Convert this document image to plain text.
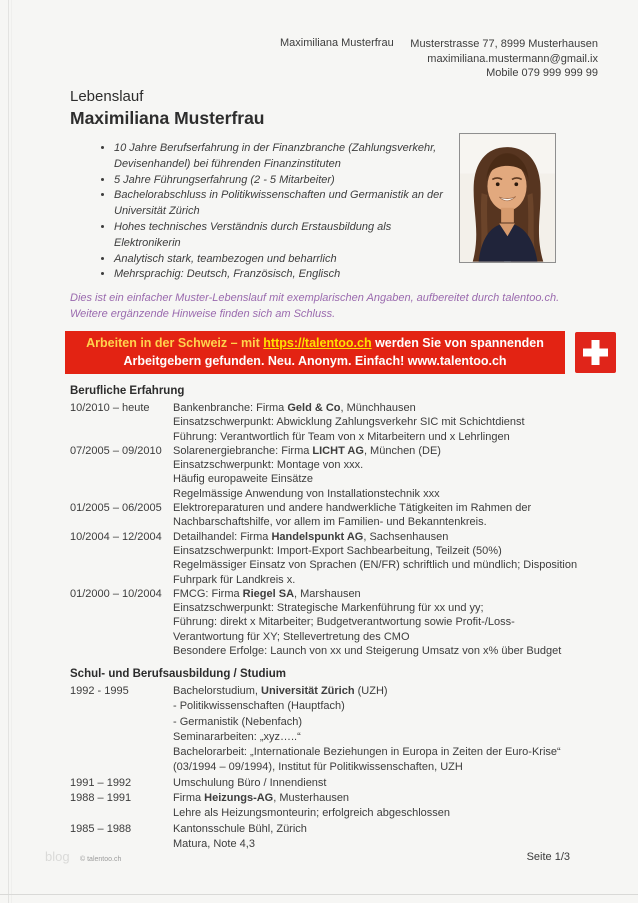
Maximiliana Musterfrau Musterstrasse 77, 8999 Musterhausen
maximiliana.mustermann@gmail.ix
Mobile 079 999 999 99
Lebenslauf
Maximiliana Musterfrau
• 10 Jahre Berufserfahrung in der Finanzbranche (Zahlungsverkehr, Devisenhandel) bei führenden Finanzinstituten
• 5 Jahre Führungserfahrung (2 - 5 Mitarbeiter)
• Bachelorabschluss in Politikwissenschaften und Germanistik an der Universität Zürich
• Hohes technisches Verständnis durch Erstausbildung als Elektronikerin
• Analytisch stark, teambezogen und beharrlich
• Mehrsprachig: Deutsch, Französisch, Englisch
Dies ist ein einfacher Muster-Lebenslauf mit exemplarischen Angaben, aufbereitet durch talentoo.ch.
Weitere ergänzende Hinweise finden sich am Schluss.
Arbeiten in der Schweiz – mit https://talentoo.ch werden Sie von spannenden
Arbeitgebern gefunden. Neu. Anonym. Einfach! www.talentoo.ch
Berufliche Erfahrung
10/2010 – heute	Bankenbranche: Firma Geld & Co, Münchhausen
Einsatzschwerpunkt: Abwicklung Zahlungsverkehr SIC mit Schichtdienst
Führung: Verantwortlich für Team von x Mitarbeitern und x Lehrlingen
07/2005 – 09/2010	Solarenergiebranche: Firma LICHT AG, München (DE)
Einsatzschwerpunkt: Montage von xxx.
Häufig europaweite Einsätze
Regelmässige Anwendung von Installationstechnik xxx
01/2005 – 06/2005	Elektroreparaturen und andere handwerkliche Tätigkeiten im Rahmen der
Nachbarschaftshilfe, vor allem im Familien- und Bekanntenkreis.
10/2004 – 12/2004	Detailhandel: Firma Handelspunkt AG, Sachsenhausen
Einsatzschwerpunkt: Import-Export Sachbearbeitung, Teilzeit (50%)
Regelmässiger Einsatz von Sprachen (EN/FR) schriftlich und mündlich; Disposition
Fuhrpark für Landkreis x.
01/2000 – 10/2004	FMCG: Firma Riegel SA, Marshausen
Einsatzschwerpunkt: Strategische Markenführung für xx und yy;
Führung: direkt x Mitarbeiter; Budgetverantwortung sowie Profit-/Loss-
Verantwortung für XY; Stellevertretung des CMO
Besondere Erfolge: Launch von xx und Steigerung Umsatz von x% über Budget
Schul- und Berufsausbildung / Studium
1992 - 1995	Bachelorstudium, Universität Zürich (UZH)
- Politikwissenschaften (Hauptfach)
- Germanistik (Nebenfach)
Seminararbeiten: „xyz…..“
Bachelorarbeit: „Internationale Beziehungen in Europa in Zeiten der Euro-Krise“
(03/1994 – 09/1994), Institut für Politikwissenschaften, UZH
1991 – 1992	Umschulung Büro / Innendienst
1988 – 1991	Firma Heizungs-AG, Musterhausen
Lehre als Heizungsmonteurin; erfolgreich abgeschlossen
1985 – 1988	Kantonsschule Bühl, Zürich
Matura, Note 4,3
blog © talentoo.ch	Seite 1/3
